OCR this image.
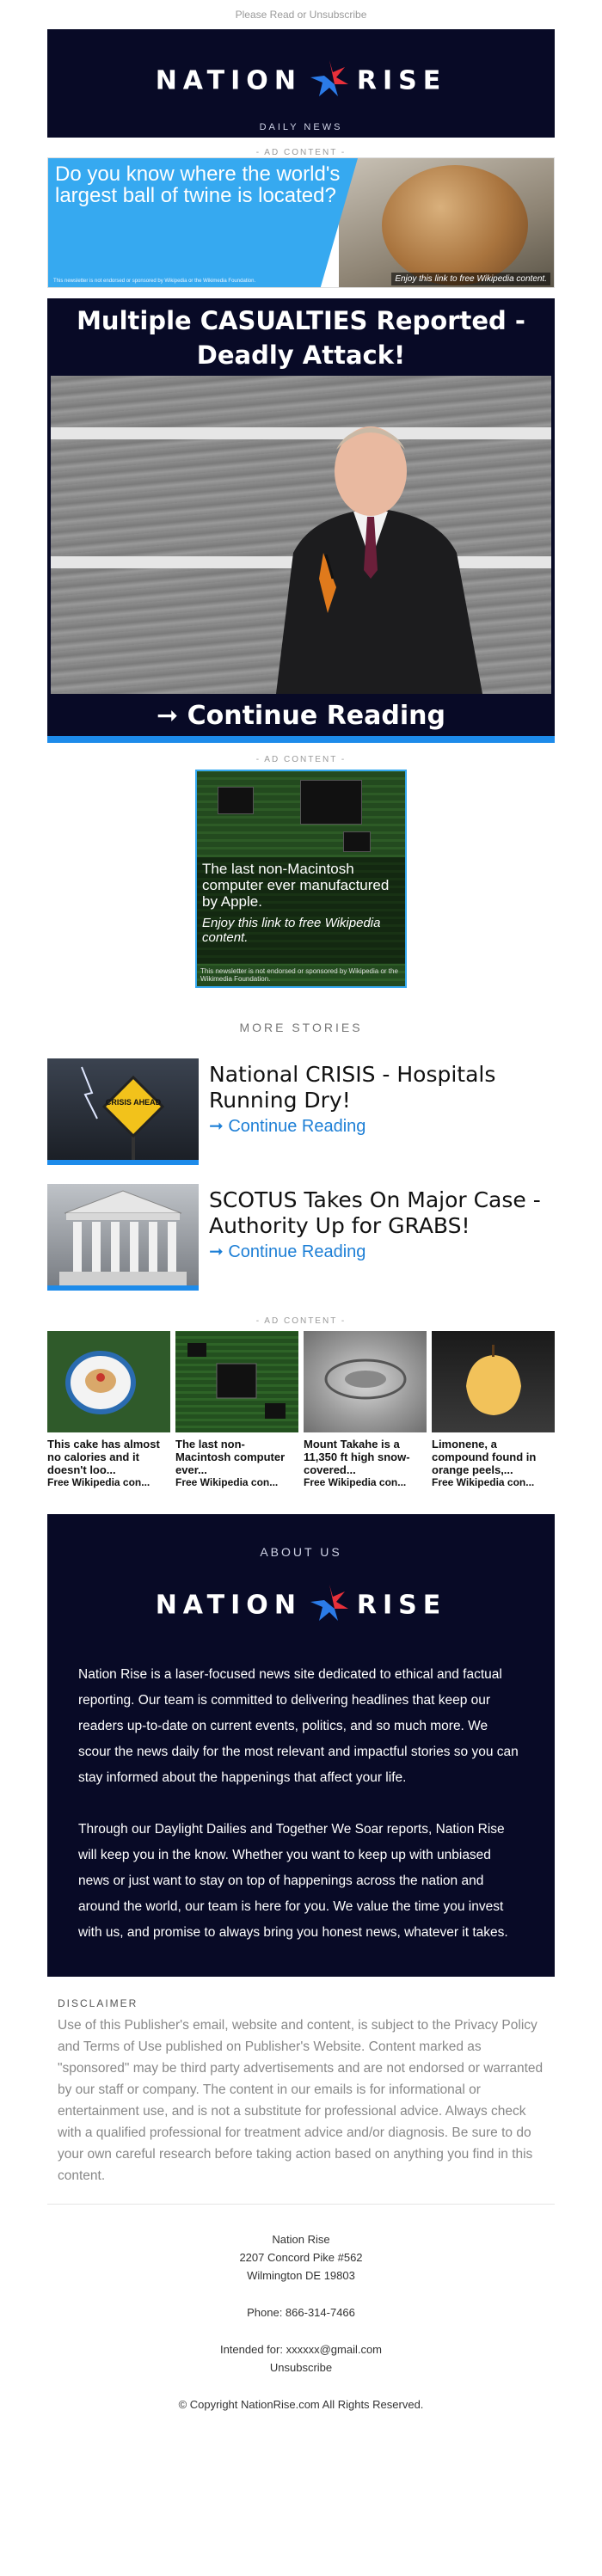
Please Read or Unsubscribe
NATION RISE
DAILY NEWS
- AD CONTENT -
Do you know where the world's largest ball of twine is located?
This newsletter is not endorsed or sponsored by Wikipedia or the Wikimedia Foundation.	Enjoy this link to free Wikipedia content.
Multiple CASUALTIES Reported - Deadly Attack!
➞ Continue Reading
- AD CONTENT -
The last non-Macintosh computer ever manufactured by Apple.
Enjoy this link to free Wikipedia content.
This newsletter is not endorsed or sponsored by Wikipedia or the Wikimedia Foundation.
MORE STORIES
CRISIS AHEAD
National CRISIS - Hospitals Running Dry!
➞ Continue Reading
SCOTUS Takes On Major Case - Authority Up for GRABS!
➞ Continue Reading
- AD CONTENT -
This cake has almost no calories and it doesn't loo...
Free Wikipedia con...
The last non-Macintosh computer ever...
Free Wikipedia con...
Mount Takahe is a 11,350 ft high snow-covered...
Free Wikipedia con...
Limonene, a compound found in orange peels,...
Free Wikipedia con...
ABOUT US
NATION RISE

Nation Rise is a laser-focused news site dedicated to ethical and factual reporting. Our team is committed to delivering headlines that keep our readers up-to-date on current events, politics, and so much more. We scour the news daily for the most relevant and impactful stories so you can stay informed about the happenings that affect your life.

Through our Daylight Dailies and Together We Soar reports, Nation Rise will keep you in the know. Whether you want to keep up with unbiased news or just want to stay on top of happenings across the nation and around the world, our team is here for you. We value the time you invest with us, and promise to always bring you honest news, whatever it takes.

DISCLAIMER
Use of this Publisher's email, website and content, is subject to the Privacy Policy and Terms of Use published on Publisher's Website. Content marked as "sponsored" may be third party advertisements and are not endorsed or warranted by our staff or company. The content in our emails is for informational or entertainment use, and is not a substitute for professional advice. Always check with a qualified professional for treatment advice and/or diagnosis. Be sure to do your own careful research before taking action based on anything you find in this content.
Nation Rise
2207 Concord Pike #562
Wilmington DE 19803
Phone: 866-314-7466
Intended for: xxxxxx@gmail.com
Unsubscribe
© Copyright NationRise.com All Rights Reserved.
